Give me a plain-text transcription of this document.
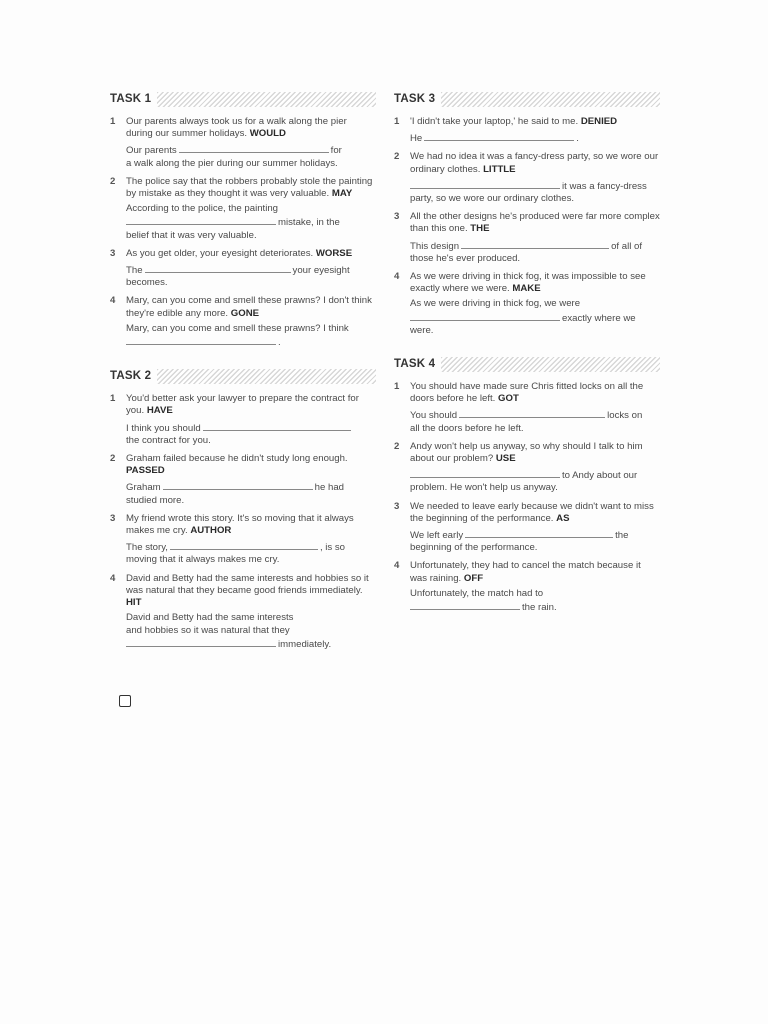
TASK 1
1	Our parents always took us for a walk along the pier during our summer holidays. WOULD
Our parents	for
a walk along the pier during our summer holidays.
2	The police say that the robbers probably stole the painting by mistake as they thought it was very valuable. MAY
According to the police, the painting
mistake, in the
belief that it was very valuable.
3	As you get older, your eyesight deteriorates. WORSE
The	your eyesight
becomes.
4	Mary, can you come and smell these prawns? I don't think they're edible any more. GONE
Mary, can you come and smell these prawns? I think
.
TASK 2
1	You'd better ask your lawyer to prepare the contract for you. HAVE
I think you should
the contract for you.
2	Graham failed because he didn't study long enough. PASSED
Graham	he had
studied more.
3	My friend wrote this story. It's so moving that it always makes me cry. AUTHOR
The story,	, is so
moving that it always makes me cry.
4	David and Betty had the same interests and hobbies so it was natural that they became good friends immediately. HIT
David and Betty had the same interests
and hobbies so it was natural that they
immediately.
TASK 3
1	'I didn't take your laptop,' he said to me. DENIED
He	.
2	We had no idea it was a fancy-dress party, so we wore our ordinary clothes. LITTLE
it was a fancy-dress
party, so we wore our ordinary clothes.
3	All the other designs he's produced were far more complex than this one. THE
This design	of all of
those he's ever produced.
4	As we were driving in thick fog, it was impossible to see exactly where we were. MAKE
As we were driving in thick fog, we were
exactly where we
were.
TASK 4
1	You should have made sure Chris fitted locks on all the doors before he left. GOT
You should	locks on
all the doors before he left.
2	Andy won't help us anyway, so why should I talk to him about our problem? USE
to Andy about our
problem. He won't help us anyway.
3	We needed to leave early because we didn't want to miss the beginning of the performance. AS
We left early	the
beginning of the performance.
4	Unfortunately, they had to cancel the match because it was raining. OFF
Unfortunately, the match had to
the rain.
